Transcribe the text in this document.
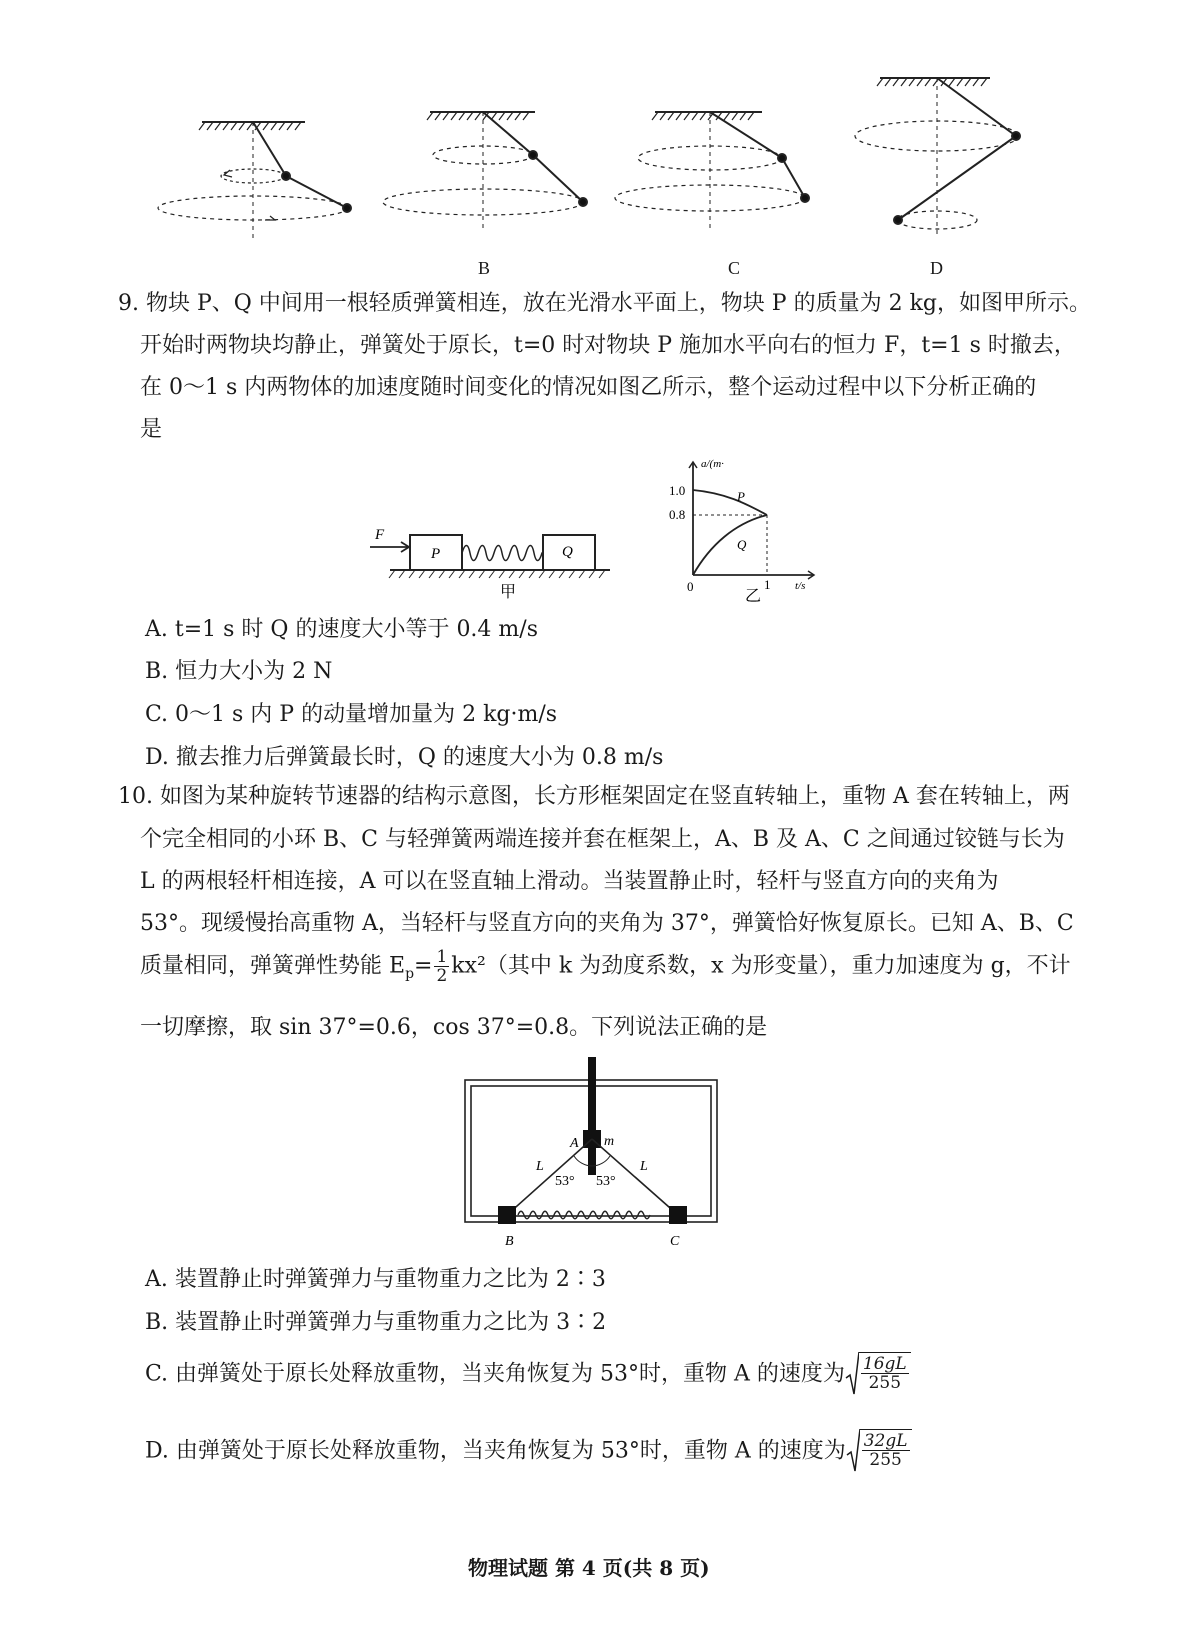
B	C	D
9. 物块 P、Q 中间用一根轻质弹簧相连，放在光滑水平面上，物块 P 的质量为 2 kg，如图甲所示。
开始时两物块均静止，弹簧处于原长，t=0 时对物块 P 施加水平向右的恒力 F，t=1 s 时撤去，
在 0～1 s 内两物体的加速度随时间变化的情况如图乙所示，整个运动过程中以下分析正确的
是
F
P	Q
甲
a/(m·
1.0
0.8
0	1 t/s
P
Q
乙
A. t=1 s 时 Q 的速度大小等于 0.4 m/s
B. 恒力大小为 2 N
C. 0～1 s 内 P 的动量增加量为 2 kg·m/s
D. 撤去推力后弹簧最长时，Q 的速度大小为 0.8 m/s
10. 如图为某种旋转节速器的结构示意图，长方形框架固定在竖直转轴上，重物 A 套在转轴上，两
个完全相同的小环 B、C 与轻弹簧两端连接并套在框架上，A、B 及 A、C 之间通过铰链与长为
L 的两根轻杆相连接，A 可以在竖直轴上滑动。当装置静止时，轻杆与竖直方向的夹角为
53°。现缓慢抬高重物 A，当轻杆与竖直方向的夹角为 37°，弹簧恰好恢复原长。已知 A、B、C
质量相同，弹簧弹性势能 $E_p= \frac{1}{2} kx^2$（其中 k 为劲度系数，x 为形变量），重力加速度为 g，不计
一切摩擦，取 sin 37°=0.6，cos 37°=0.8。下列说法正确的是
A m
L	L
53° 53°
B	C
A. 装置静止时弹簧弹力与重物重力之比为 2∶3
B. 装置静止时弹簧弹力与重物重力之比为 3∶2
C. 由弹簧处于原长处释放重物，当夹角恢复为 53°时，重物 A 的速度为 $\frac{16gL}{255}$
D. 由弹簧处于原长处释放重物，当夹角恢复为 53°时，重物 A 的速度为 $\frac{32gL}{255}$
物理试题 第 4 页(共 8 页)
